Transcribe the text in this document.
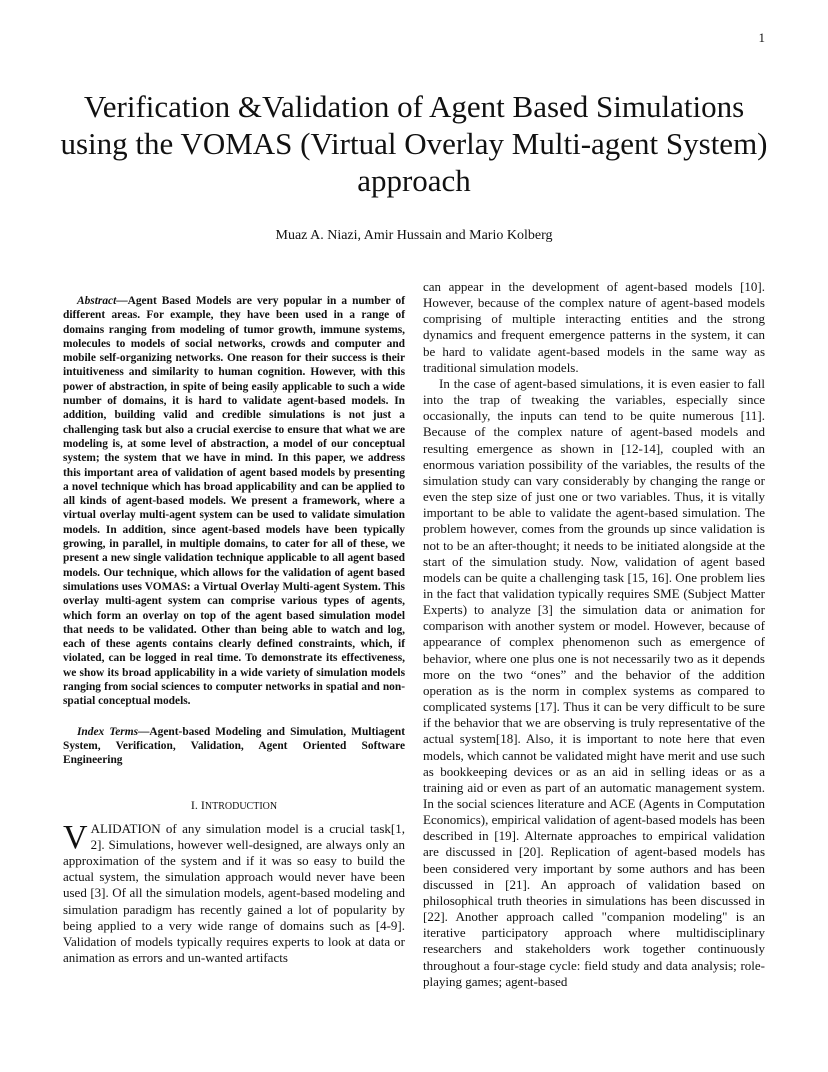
1
Verification &Validation of Agent Based Simulations using the VOMAS (Virtual Overlay Multi-agent System) approach
Muaz A. Niazi, Amir Hussain and Mario Kolberg

Abstract—Agent Based Models are very popular in a number of different areas. For example, they have been used in a range of domains ranging from modeling of tumor growth, immune systems, molecules to models of social networks, crowds and computer and mobile self-organizing networks. One reason for their success is their intuitiveness and similarity to human cognition. However, with this power of abstraction, in spite of being easily applicable to such a wide number of domains, it is hard to validate agent-based models. In addition, building valid and credible simulations is not just a challenging task but also a crucial exercise to ensure that what we are modeling is, at some level of abstraction, a model of our conceptual system; the system that we have in mind. In this paper, we address this important area of validation of agent based models by presenting a novel technique which has broad applicability and can be applied to all kinds of agent-based models. We present a framework, where a virtual overlay multi-agent system can be used to validate simulation models. In addition, since agent-based models have been typically growing, in parallel, in multiple domains, to cater for all of these, we present a new single validation technique applicable to all agent based models. Our technique, which allows for the validation of agent based simulations uses VOMAS: a Virtual Overlay Multi-agent System. This overlay multi-agent system can comprise various types of agents, which form an overlay on top of the agent based simulation model that needs to be validated. Other than being able to watch and log, each of these agents contains clearly defined constraints, which, if violated, can be logged in real time. To demonstrate its effectiveness, we show its broad applicability in a wide variety of simulation models ranging from social sciences to computer networks in spatial and non-spatial conceptual models.

Index Terms—Agent-based Modeling and Simulation, Multiagent System, Verification, Validation, Agent Oriented Software Engineering

I. INTRODUCTION

VALIDATION of any simulation model is a crucial task[1, 2]. Simulations, however well-designed, are always only an approximation of the system and if it was so easy to build the actual system, the simulation approach would never have been used [3]. Of all the simulation models, agent-based modeling and simulation paradigm has recently gained a lot of popularity by being applied to a very wide range of domains such as [4-9]. Validation of models typically requires experts to look at data or animation as errors and un-wanted artifacts

can appear in the development of agent-based models [10]. However, because of the complex nature of agent-based models comprising of multiple interacting entities and the strong dynamics and frequent emergence patterns in the system, it can be hard to validate agent-based models in the same way as traditional simulation models.

In the case of agent-based simulations, it is even easier to fall into the trap of tweaking the variables, especially since occasionally, the inputs can tend to be quite numerous [11]. Because of the complex nature of agent-based models and resulting emergence as shown in [12-14], coupled with an enormous variation possibility of the variables, the results of the simulation study can vary considerably by changing the range or even the step size of just one or two variables. Thus, it is vitally important to be able to validate the agent-based simulation. The problem however, comes from the grounds up since validation is not to be an after-thought; it needs to be initiated alongside at the start of the simulation study. Now, validation of agent based models can be quite a challenging task [15, 16]. One problem lies in the fact that validation typically requires SME (Subject Matter Experts) to analyze [3] the simulation data or animation for comparison with another system or model. However, because of appearance of complex phenomenon such as emergence of behavior, where one plus one is not necessarily two as it depends more on the two “ones” and the behavior of the addition operation as is the norm in complex systems as compared to complicated systems [17]. Thus it can be very difficult to be sure if the behavior that we are observing is truly representative of the actual system[18]. Also, it is important to note here that even models, which cannot be validated might have merit and use such as bookkeeping devices or as an aid in selling ideas or as a training aid or even as part of an automatic management system. In the social sciences literature and ACE (Agents in Computation Economics), empirical validation of agent-based models has been described in [19]. Alternate approaches to empirical validation are discussed in [20]. Replication of agent-based models has been considered very important by some authors and has been discussed in [21]. An approach of validation based on philosophical truth theories in simulations has been discussed in [22]. Another approach called "companion modeling" is an iterative participatory approach where multidisciplinary researchers and stakeholders work together continuously throughout a four-stage cycle: field study and data analysis; role-playing games; agent-based
